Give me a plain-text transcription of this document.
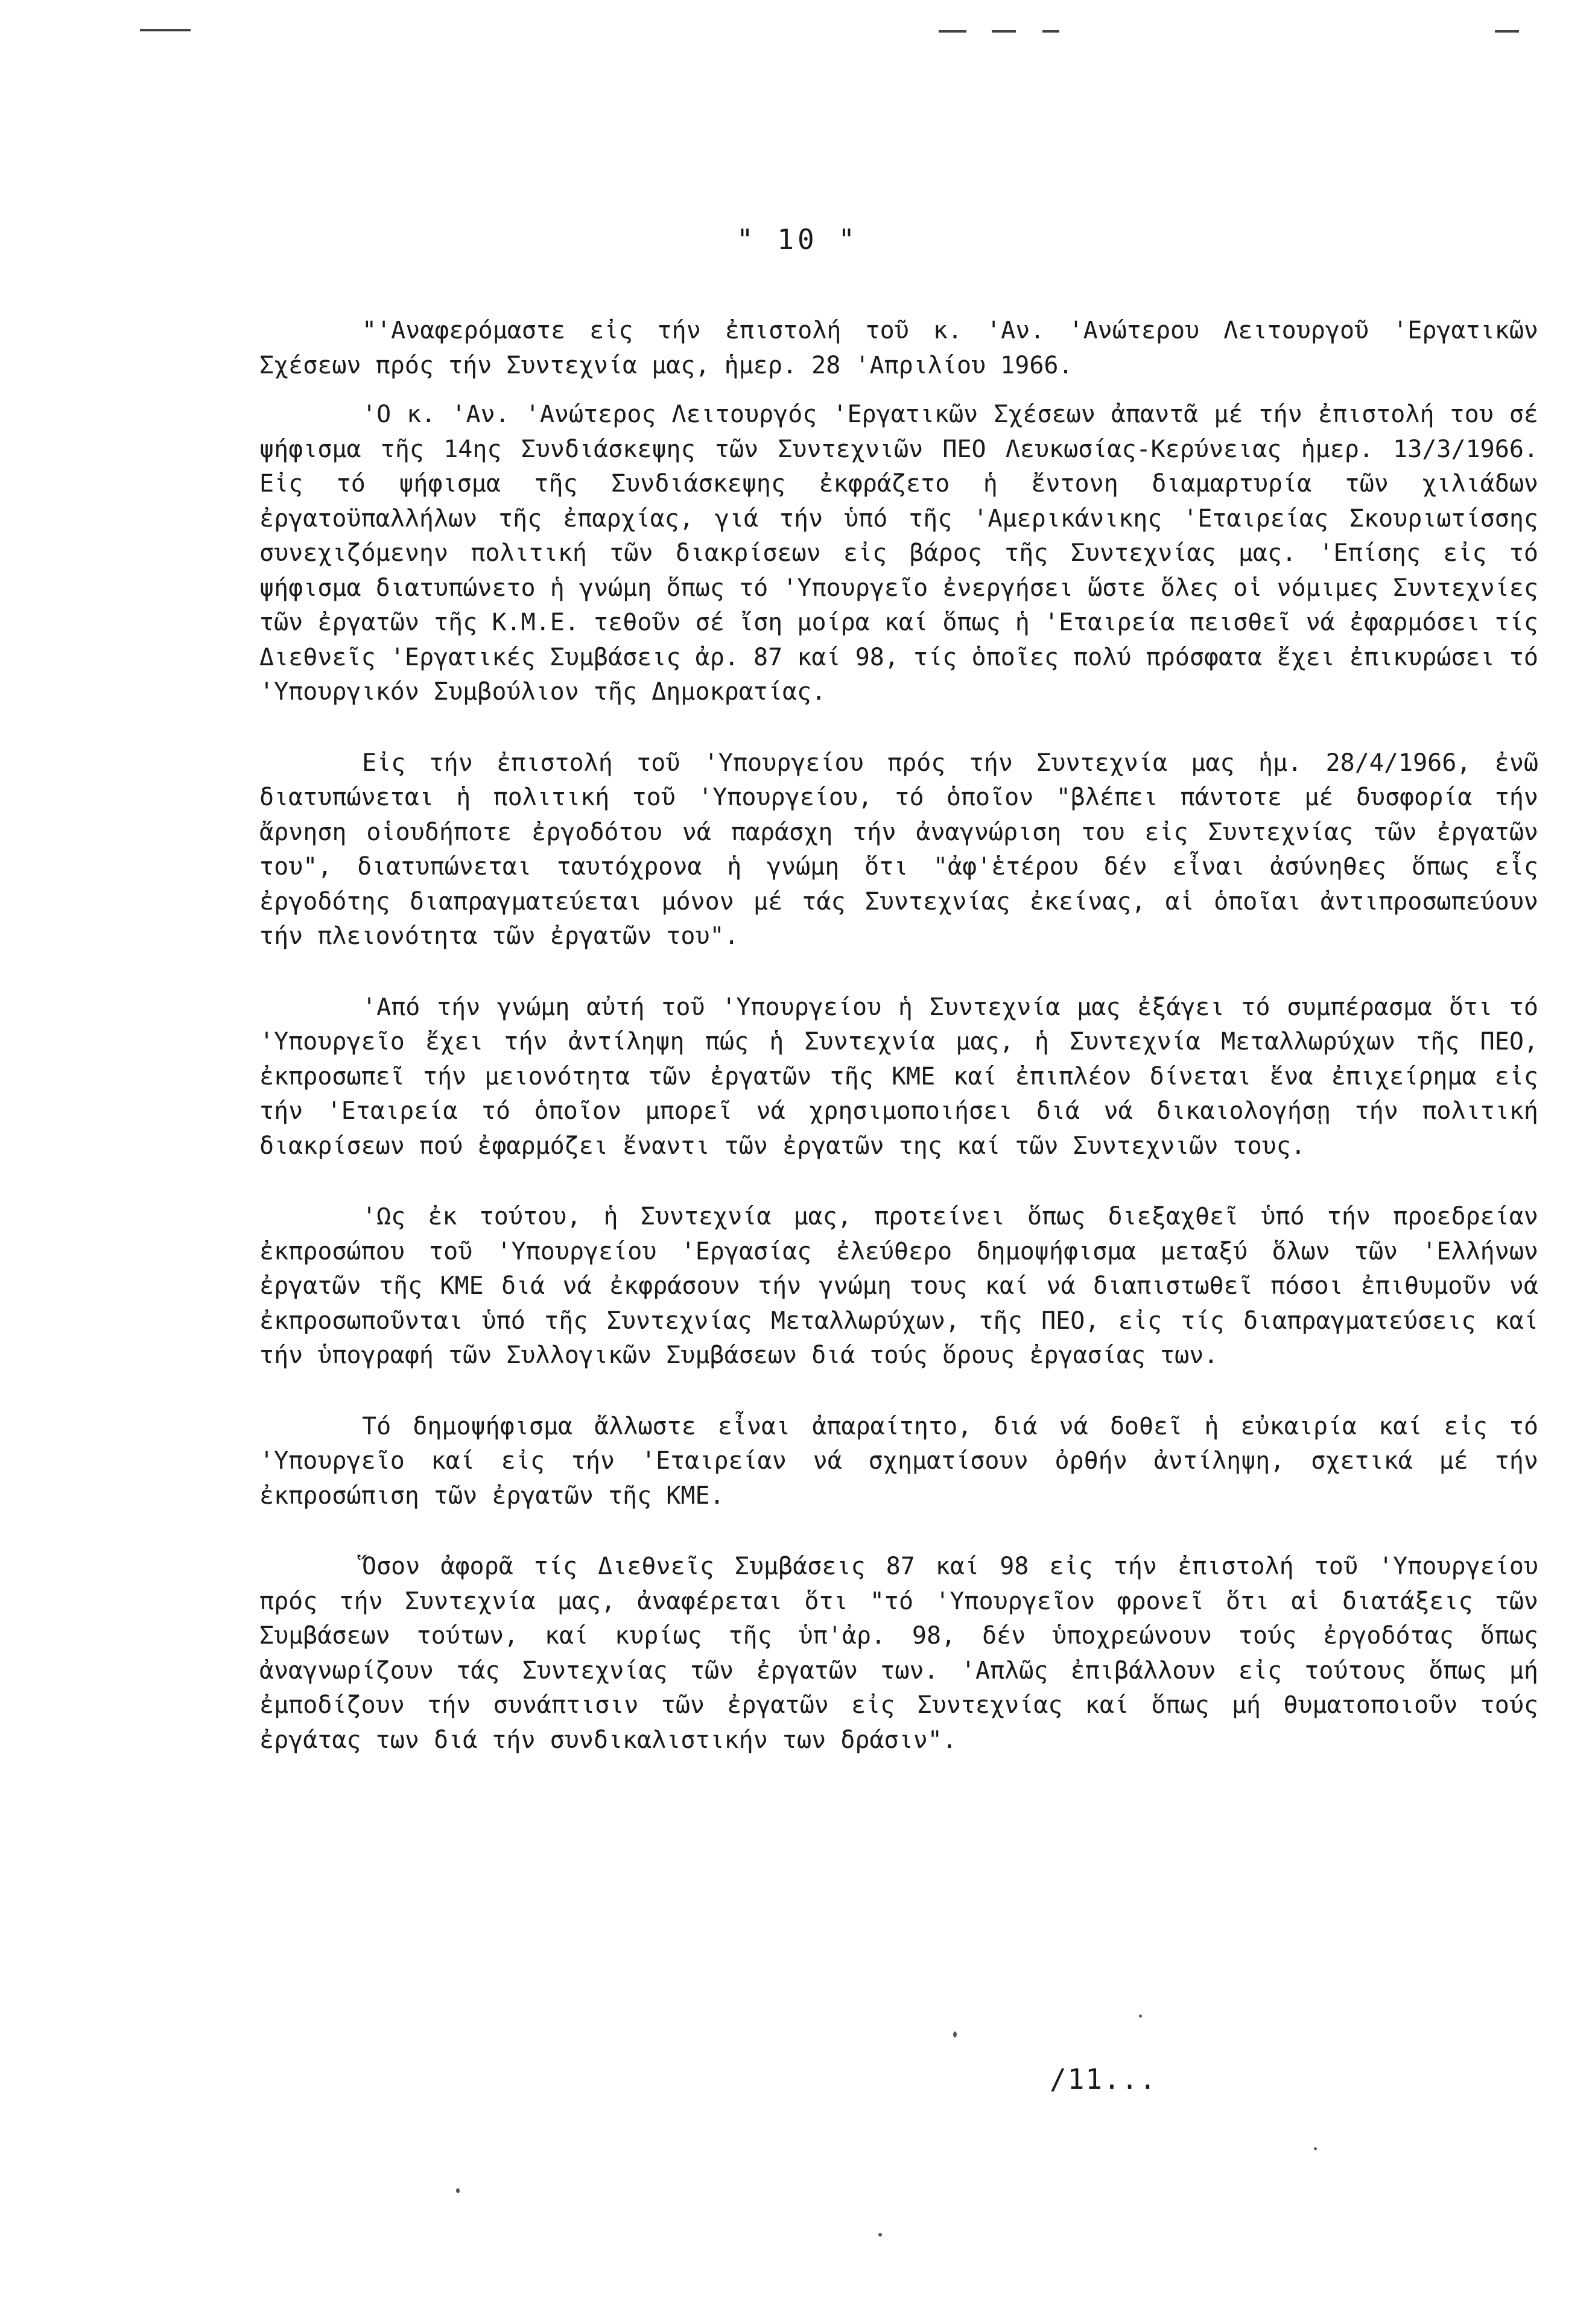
" 10 "

"'Αναφερόμαστε εἰς τήν ἐπιστολή τοῦ κ. 'Αν. 'Ανώτερου Λειτουργοῦ 'Εργατικῶν Σχέσεων πρός τήν Συντεχνία μας, ἡμερ. 28 'Απριλίου 1966.

'Ο κ. 'Αν. 'Ανώτερος Λειτουργός 'Εργατικῶν Σχέσεων ἀπαντᾶ μέ τήν ἐπιστολή του σέ ψήφισμα τῆς 14ης Συνδιάσκεψης τῶν Συντεχνιῶν ΠΕΟ Λευκωσίας-Κερύνειας ἡμερ. 13/3/1966. Εἰς τό ψήφισμα τῆς Συνδιάσκεψης ἐκφράζετο ἡ ἔντονη διαμαρτυρία τῶν χιλιάδων ἐργατοϋπαλλήλων τῆς ἐπαρχίας, γιά τήν ὑπό τῆς 'Αμερικάνικης 'Εταιρείας Σκουριωτίσσης συνεχιζόμενην πολιτική τῶν διακρίσεων εἰς βάρος τῆς Συντεχνίας μας. 'Επίσης εἰς τό ψήφισμα διατυπώνετο ἡ γνώμη ὅπως τό 'Υπουργεῖο ἐνεργήσει ὥστε ὅλες οἱ νόμιμες Συντεχνίες τῶν ἐργατῶν τῆς Κ.Μ.Ε. τεθοῦν σέ ἴση μοίρα καί ὅπως ἡ 'Εταιρεία πεισθεῖ νά ἐφαρμόσει τίς Διεθνεῖς 'Εργατικές Συμβάσεις ἀρ. 87 καί 98, τίς ὁποῖες πολύ πρόσφατα ἔχει ἐπικυρώσει τό 'Υπουργικόν Συμβούλιον τῆς Δημοκρατίας.

Εἰς τήν ἐπιστολή τοῦ 'Υπουργείου πρός τήν Συντεχνία μας ἡμ. 28/4/1966, ἐνῶ διατυπώνεται ἡ πολιτική τοῦ 'Υπουργείου, τό ὁποῖον "βλέπει πάντοτε μέ δυσφορία τήν ἄρνηση οἱουδήποτε ἐργοδότου νά παράσχη τήν ἀναγνώριση του εἰς Συντεχνίας τῶν ἐργατῶν του", διατυπώνεται ταυτόχρονα ἡ γνώμη ὅτι "ἀφ'ἑτέρου δέν εἶναι ἀσύνηθες ὅπως εἷς ἐργοδότης διαπραγματεύεται μόνον μέ τάς Συντεχνίας ἐκείνας, αἱ ὁποῖαι ἀντιπροσωπεύουν τήν πλειονότητα τῶν ἐργατῶν του".

'Από τήν γνώμη αὐτή τοῦ 'Υπουργείου ἡ Συντεχνία μας ἐξάγει τό συμπέρασμα ὅτι τό 'Υπουργεῖο ἔχει τήν ἀντίληψη πώς ἡ Συντεχνία μας, ἡ Συντεχνία Μεταλλωρύχων τῆς ΠΕΟ, ἐκπροσωπεῖ τήν μειονότητα τῶν ἐργατῶν τῆς ΚΜΕ καί ἐπιπλέον δίνεται ἕνα ἐπιχείρημα εἰς τήν 'Εταιρεία τό ὁποῖον μπορεῖ νά χρησιμοποιήσει διά νά δικαιολογήσῃ τήν πολιτική διακρίσεων πού ἐφαρμόζει ἔναντι τῶν ἐργατῶν της καί τῶν Συντεχνιῶν τους.

'Ως ἐκ τούτου, ἡ Συντεχνία μας, προτείνει ὅπως διεξαχθεῖ ὑπό τήν προεδρείαν ἐκπροσώπου τοῦ 'Υπουργείου 'Εργασίας ἐλεύθερο δημοψήφισμα μεταξύ ὅλων τῶν 'Ελλήνων ἐργατῶν τῆς ΚΜΕ διά νά ἐκφράσουν τήν γνώμη τους καί νά διαπιστωθεῖ πόσοι ἐπιθυμοῦν νά ἐκπροσωποῦνται ὑπό τῆς Συντεχνίας Μεταλλωρύχων, τῆς ΠΕΟ, εἰς τίς διαπραγματεύσεις καί τήν ὑπογραφή τῶν Συλλογικῶν Συμβάσεων διά τούς ὅρους ἐργασίας των.

Τό δημοψήφισμα ἄλλωστε εἶναι ἀπαραίτητο, διά νά δοθεῖ ἡ εὐκαιρία καί εἰς τό 'Υπουργεῖο καί εἰς τήν 'Εταιρείαν νά σχηματίσουν ὀρθήν ἀντίληψη, σχετικά μέ τήν ἐκπροσώπιση τῶν ἐργατῶν τῆς ΚΜΕ.

Ὅσον ἀφορᾶ τίς Διεθνεῖς Συμβάσεις 87 καί 98 εἰς τήν ἐπιστολή τοῦ 'Υπουργείου πρός τήν Συντεχνία μας, ἀναφέρεται ὅτι "τό 'Υπουργεῖον φρονεῖ ὅτι αἱ διατάξεις τῶν Συμβάσεων τούτων, καί κυρίως τῆς ὑπ'ἀρ. 98, δέν ὑποχρεώνουν τούς ἐργοδότας ὅπως ἀναγνωρίζουν τάς Συντεχνίας τῶν ἐργατῶν των. 'Απλῶς ἐπιβάλλουν εἰς τούτους ὅπως μή ἐμποδίζουν τήν συνάπτισιν τῶν ἐργατῶν εἰς Συντεχνίας καί ὅπως μή θυματοποιοῦν τούς ἐργάτας των διά τήν συνδικαλιστικήν των δράσιν".

/11...
